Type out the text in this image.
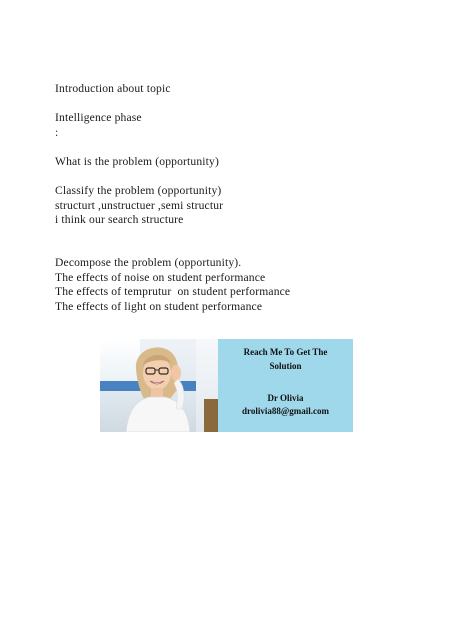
Introduction about topic

Intelligence phase

:

What is the problem (opportunity)

Classify the problem (opportunity)

structurt ,unstructuer ,semi structur

i think our search structure

Decompose the problem (opportunity).

The effects of noise on student performance

The effects of temprutur  on student performance

The effects of light on student performance

Reach Me To Get The
Solution
Dr Olivia
drolivia88@gmail.com
